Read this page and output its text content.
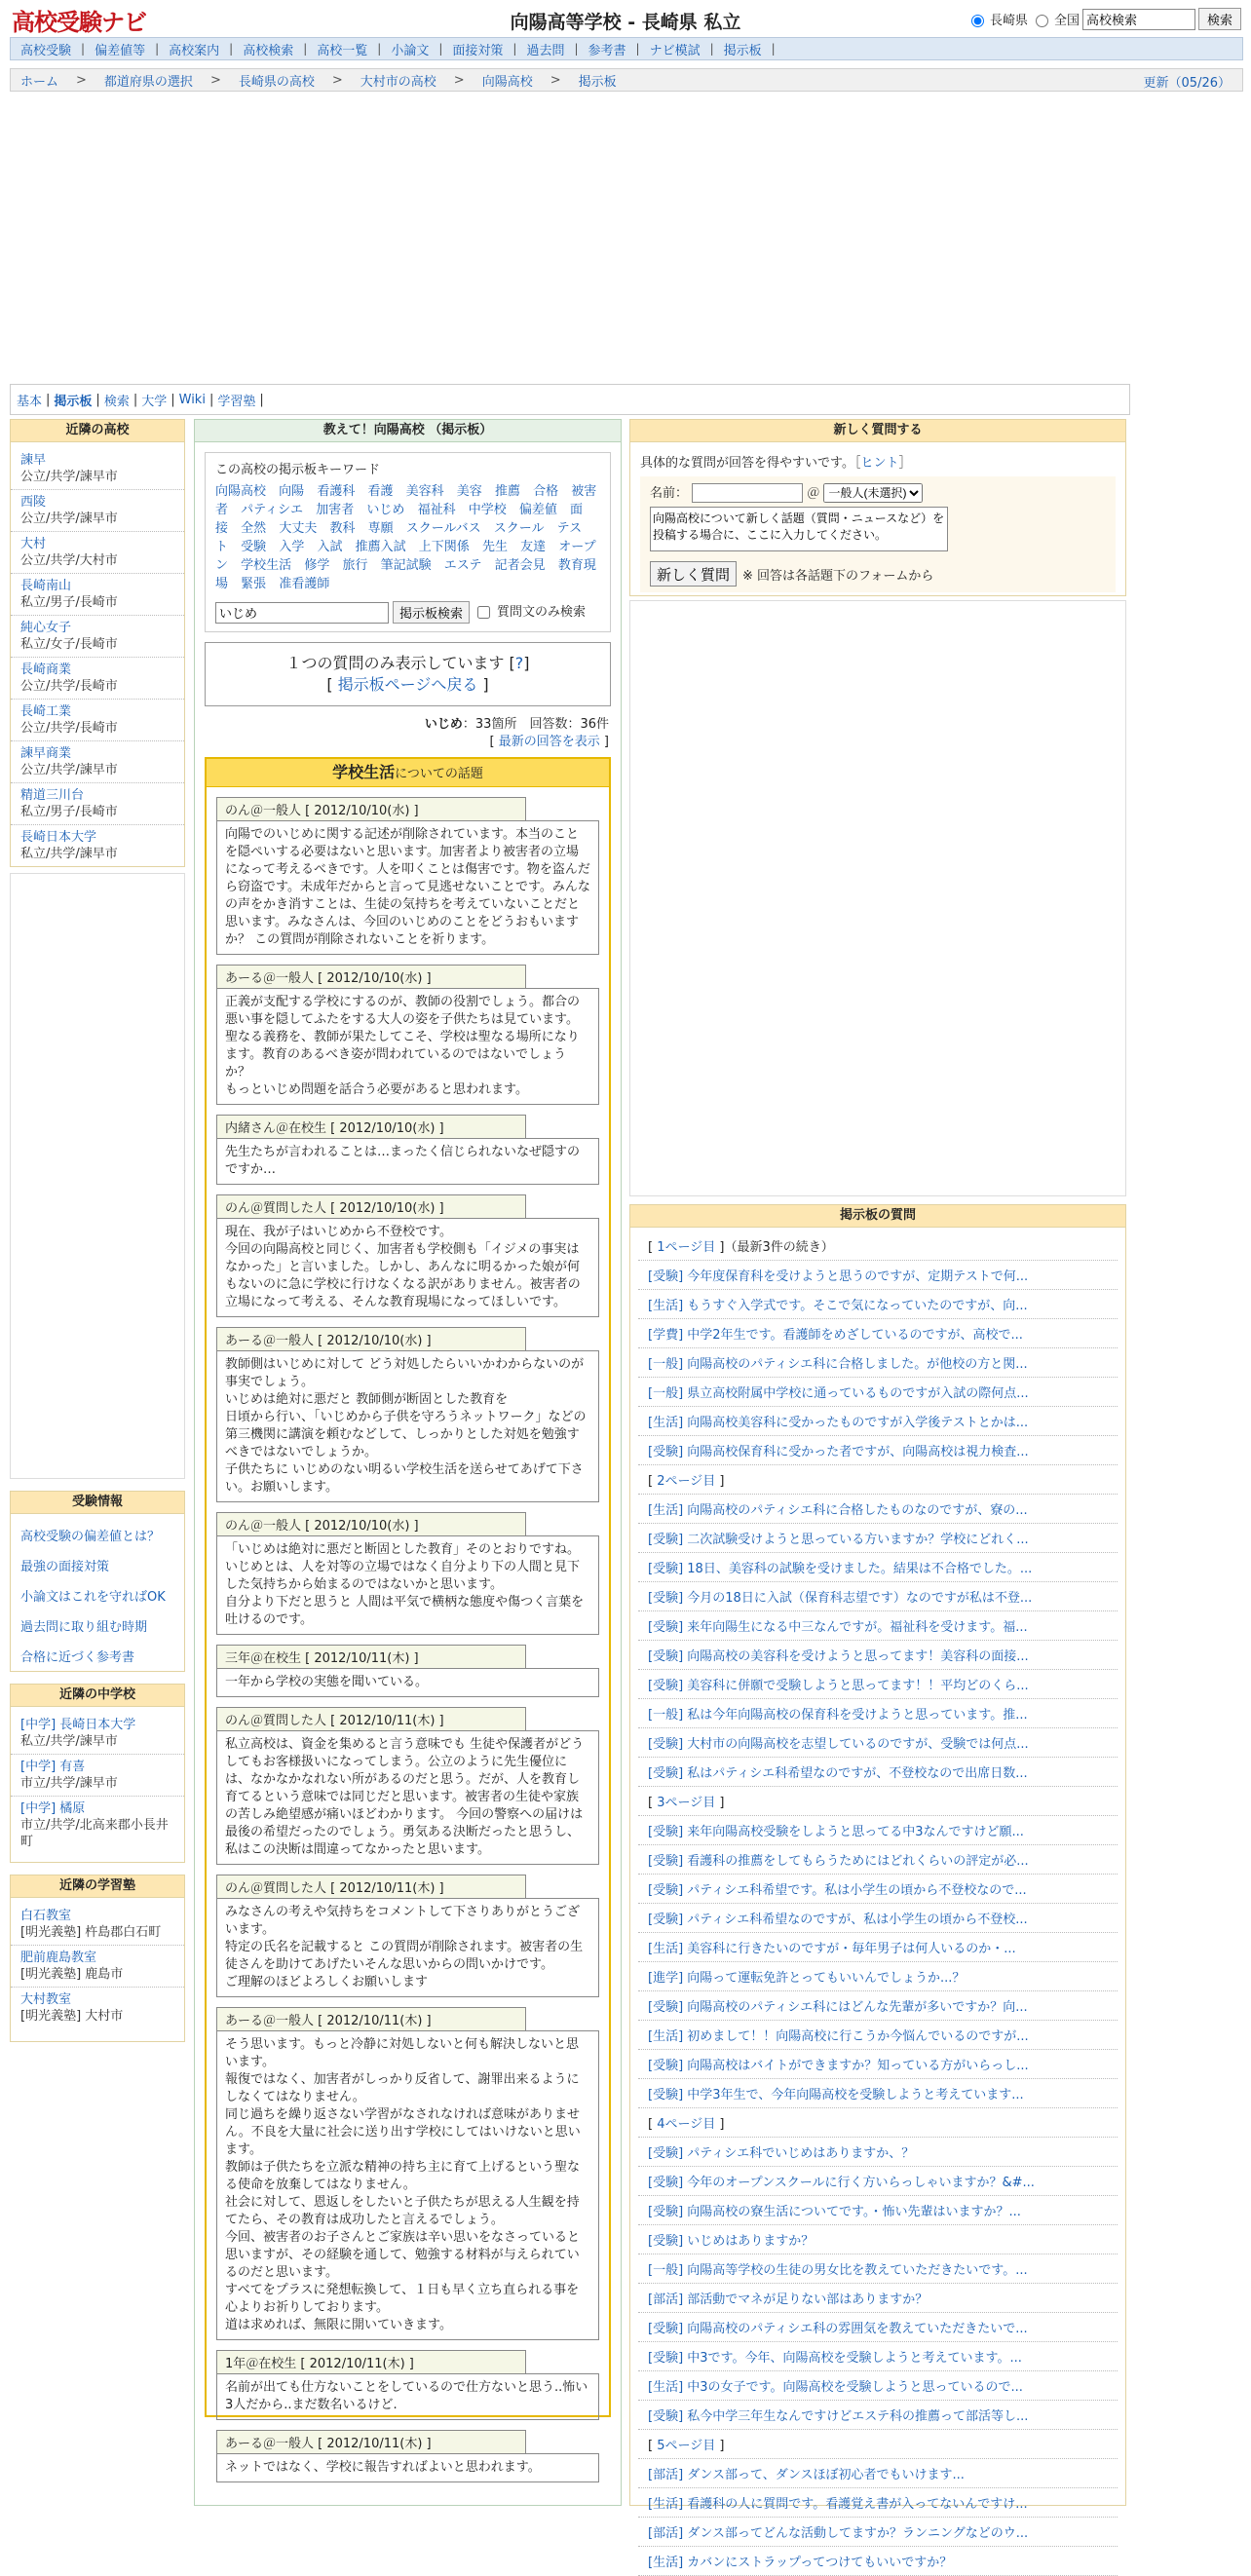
高校受験ナビ	向陽高等学校 - 長崎県 私立	長崎県 全国
高校検索	検索
高校受験 | 偏差値等 | 高校案内 | 高校検索 | 高校一覧 | 小論文 | 面接対策 | 過去問 | 参考書 | ナビ模試 | 掲示板 |
ホーム	>	都道府県の選択	>	長崎県の高校	>	大村市の高校	>	向陽高校	>	掲示板	更新（05/26）
基本 | 掲示板 | 検索 | 大学 | Wiki | 学習塾 |
近隣の高校
諫早
公立/共学/諫早市
西陵
公立/共学/諫早市
大村
公立/共学/大村市
長崎南山
私立/男子/長崎市
純心女子
私立/女子/長崎市
長崎商業
公立/共学/長崎市
長崎工業
公立/共学/長崎市
諫早商業
公立/共学/諫早市
精道三川台
私立/男子/長崎市
長崎日本大学
私立/共学/諫早市
受験情報
高校受験の偏差値とは？
最強の面接対策
小論文はこれを守ればOK
過去問に取り組む時期
合格に近づく参考書
近隣の中学校
[中学] 長崎日本大学
私立/共学/諫早市
[中学] 有喜
市立/共学/諫早市
[中学] 橘原
市立/共学/北高来郡小長井町
近隣の学習塾
白石教室
[明光義塾] 杵島郡白石町
肥前鹿島教室
[明光義塾] 鹿島市
大村教室
[明光義塾] 大村市
教えて！向陽高校 （掲示板）
この高校の掲示板キーワード
向陽高校 向陽 看護科 看護 美容科 美容 推薦 合格 被害者 パティシエ 加害者 いじめ 福祉科 中学校 偏差値 面接 全然 大丈夫 教科 専願 スクールバス スクール テスト 受験 入学 入試 推薦入試 上下関係 先生 友達 オープン 学校生活 修学 旅行 筆記試験 エステ 記者会見 教育現場 緊張 准看護師
いじめ
掲示板検索	質問文のみ検索
１つの質問のみ表示しています [?]
[ 掲示板ページへ戻る ]
いじめ：33箇所　回答数：36件
[ 最新の回答を表示 ]
学校生活についての話題
のん＠一般人 [ 2012/10/10(水) ]
向陽でのいじめに関する記述が削除されています。本当のことを隠ぺいする必要はないと思います。加害者より被害者の立場になって考えるべきです。人を叩くことは傷害です。物を盗んだら窃盗です。未成年だからと言って見逃せないことです。みんなの声をかき消すことは、生徒の気持ちを考えていないことだと思います。みなさんは、今回のいじめのことをどうおもいますか？ この質問が削除されないことを祈ります。
あーる＠一般人 [ 2012/10/10(水) ]
正義が支配する学校にするのが、教師の役割でしょう。都合の悪い事を隠してふたをする大人の姿を子供たちは見ています。聖なる義務を、教師が果たしてこそ、学校は聖なる場所になります。教育のあるべき姿が問われているのではないでしょうか？
もっといじめ問題を話合う必要があると思われます。
内緒さん＠在校生 [ 2012/10/10(水) ]
先生たちが言われることは…まったく信じられないなぜ隠すのですか…
のん＠質問した人 [ 2012/10/10(水) ]
現在、我が子はいじめから不登校です。
今回の向陽高校と同じく、加害者も学校側も「イジメの事実はなかった」と言いました。しかし、あんなに明るかった娘が何もないのに急に学校に行けなくなる訳がありません。被害者の立場になって考える、そんな教育現場になってほしいです。
あーる＠一般人 [ 2012/10/10(水) ]
教師側はいじめに対して どう対処したらいいかわからないのが事実でしょう。
いじめは絶対に悪だと 教師側が断固とした教育を
日頃から行い、「いじめから子供を守ろうネットワーク」などの第三機関に講演を頼むなどして、しっかりとした対処を勉強すべきではないでしょうか。
子供たちに いじめのない明るい学校生活を送らせてあげて下さい。お願いします。
のん＠一般人 [ 2012/10/10(水) ]
「いじめは絶対に悪だと断固とした教育」そのとおりですね。いじめとは、人を対等の立場ではなく自分より下の人間と見下した気持ちから始まるのではないかと思います。
自分より下だと思うと 人間は平気で横柄な態度や傷つく言葉を吐けるのです。
三年＠在校生 [ 2012/10/11(木) ]
一年から学校の実態を聞いている。
のん＠質問した人 [ 2012/10/11(木) ]
私立高校は、資金を集めると言う意味でも 生徒や保護者がどうしてもお客様扱いになってしまう。公立のように先生優位には、なかなかなれない所があるのだと思う。だが、人を教育し育てるという意味では同じだと思います。被害者の生徒や家族の苦しみ絶望感が痛いほどわかります。 今回の警察への届けは最後の希望だったのでしょう。勇気ある決断だったと思うし、私はこの決断は間違ってなかったと思います。
のん＠質問した人 [ 2012/10/11(木) ]
みなさんの考えや気持ちをコメントして下さりありがとうございます。
特定の氏名を記載すると この質問が削除されます。被害者の生徒さんを助けてあげたいそんな思いからの問いかけです。
ご理解のほどよろしくお願いします
あーる＠一般人 [ 2012/10/11(木) ]
そう思います。もっと冷静に対処しないと何も解決しないと思います。
報復ではなく、加害者がしっかり反省して、謝罪出来るようにしなくてはなりません。
同じ過ちを繰り返さない学習がなされなければ意味がありません。不良を大量に社会に送り出す学校にしてはいけないと思います。
教師は子供たちを立派な精神の持ち主に育て上げるという聖なる使命を放棄してはなりません。
社会に対して、恩返しをしたいと子供たちが思える人生観を持てたら、その教育は成功したと言えるでしょう。
今回、被害者のお子さんとご家族は辛い思いをなさっていると思いますが、その経験を通して、勉強する材料が与えられているのだと思います。
すべてをプラスに発想転換して、１日も早く立ち直られる事を心よりお祈りしております。
道は求めれば、無限に開いていきます。
1年＠在校生 [ 2012/10/11(木) ]
名前が出ても仕方ないことをしているので仕方ないと思う..怖い3人だから..まだ数名いるけど.
あーる＠一般人 [ 2012/10/11(木) ]
ネットではなく、学校に報告すればよいと思われます。
新しく質問する
具体的な質問が回答を得やすいです。［ヒント］
名前：	＠
一般人(未選択)
向陽高校について新しく話題（質問・ニュースなど）を投稿する場合に、ここに入力してください。
新しく質問	※ 回答は各話題下のフォームから
掲示板の質問
[ 1ページ目 ]（最新3件の続き）
[受験] 今年度保育科を受けようと思うのですが、定期テストで何...
[生活] もうすぐ入学式です。そこで気になっていたのですが、向...
[学費] 中学2年生です。看護師をめざしているのですが、高校で...
[一般] 向陽高校のパティシエ科に合格しました。が他校の方と関...
[一般] 県立高校附属中学校に通っているものですが入試の際何点...
[生活] 向陽高校美容科に受かったものですが入学後テストとかは...
[受験] 向陽高校保育科に受かった者ですが、向陽高校は視力検査...
[ 2ページ目 ]
[生活] 向陽高校のパティシエ科に合格したものなのですが、寮の...
[受験] 二次試験受けようと思っている方いますか？学校にどれく...
[受験] 18日、美容科の試験を受けました。結果は不合格でした。...
[受験] 今月の18日に入試（保育科志望です）なのですが私は不登...
[受験] 来年向陽生になる中三なんですが。福祉科を受けます。福...
[受験] 向陽高校の美容科を受けようと思ってます！美容科の面接...
[受験] 美容科に併願で受験しようと思ってます！！平均どのくら...
[一般] 私は今年向陽高校の保育科を受けようと思っています。推...
[受験] 大村市の向陽高校を志望しているのですが、受験では何点...
[受験] 私はパティシエ科希望なのですが、不登校なので出席日数...
[ 3ページ目 ]
[受験] 来年向陽高校受験をしようと思ってる中3なんですけど願...
[受験] 看護科の推薦をしてもらうためにはどれくらいの評定が必...
[受験] パティシエ科希望です。私は小学生の頃から不登校なので...
[受験] パティシエ科希望なのですが、私は小学生の頃から不登校...
[生活] 美容科に行きたいのですが・毎年男子は何人いるのか・...
[進学] 向陽って運転免許とってもいいんでしょうか...？
[受験] 向陽高校のパティシエ科にはどんな先輩が多いですか？向...
[生活] 初めまして！！向陽高校に行こうか今悩んでいるのですが...
[受験] 向陽高校はバイトができますか？知っている方がいらっし...
[受験] 中学3年生で、今年向陽高校を受験しようと考えています...
[ 4ページ目 ]
[受験] パティシエ科でいじめはありますか、？
[受験] 今年のオープンスクールに行く方いらっしゃいますか？&#...
[受験] 向陽高校の寮生活についてです。・怖い先輩はいますか？...
[受験] いじめはありますか？
[一般] 向陽高等学校の生徒の男女比を教えていただきたいです。...
[部活] 部活動でマネが足りない部はありますか？
[受験] 向陽高校のパティシエ科の雰囲気を教えていただきたいで...
[受験] 中3です。今年、向陽高校を受験しようと考えています。...
[生活] 中3の女子です。向陽高校を受験しようと思っているので...
[受験] 私今中学三年生なんですけどエステ科の推薦って部活等し...
[ 5ページ目 ]
[部活] ダンス部って、ダンスほぼ初心者でもいけます...
[生活] 看護科の人に質問です。看護覚え書が入ってないんですけ...
[部活] ダンス部ってどんな活動してますか？ランニングなどのウ...
[生活] カバンにストラップってつけてもいいですか？
